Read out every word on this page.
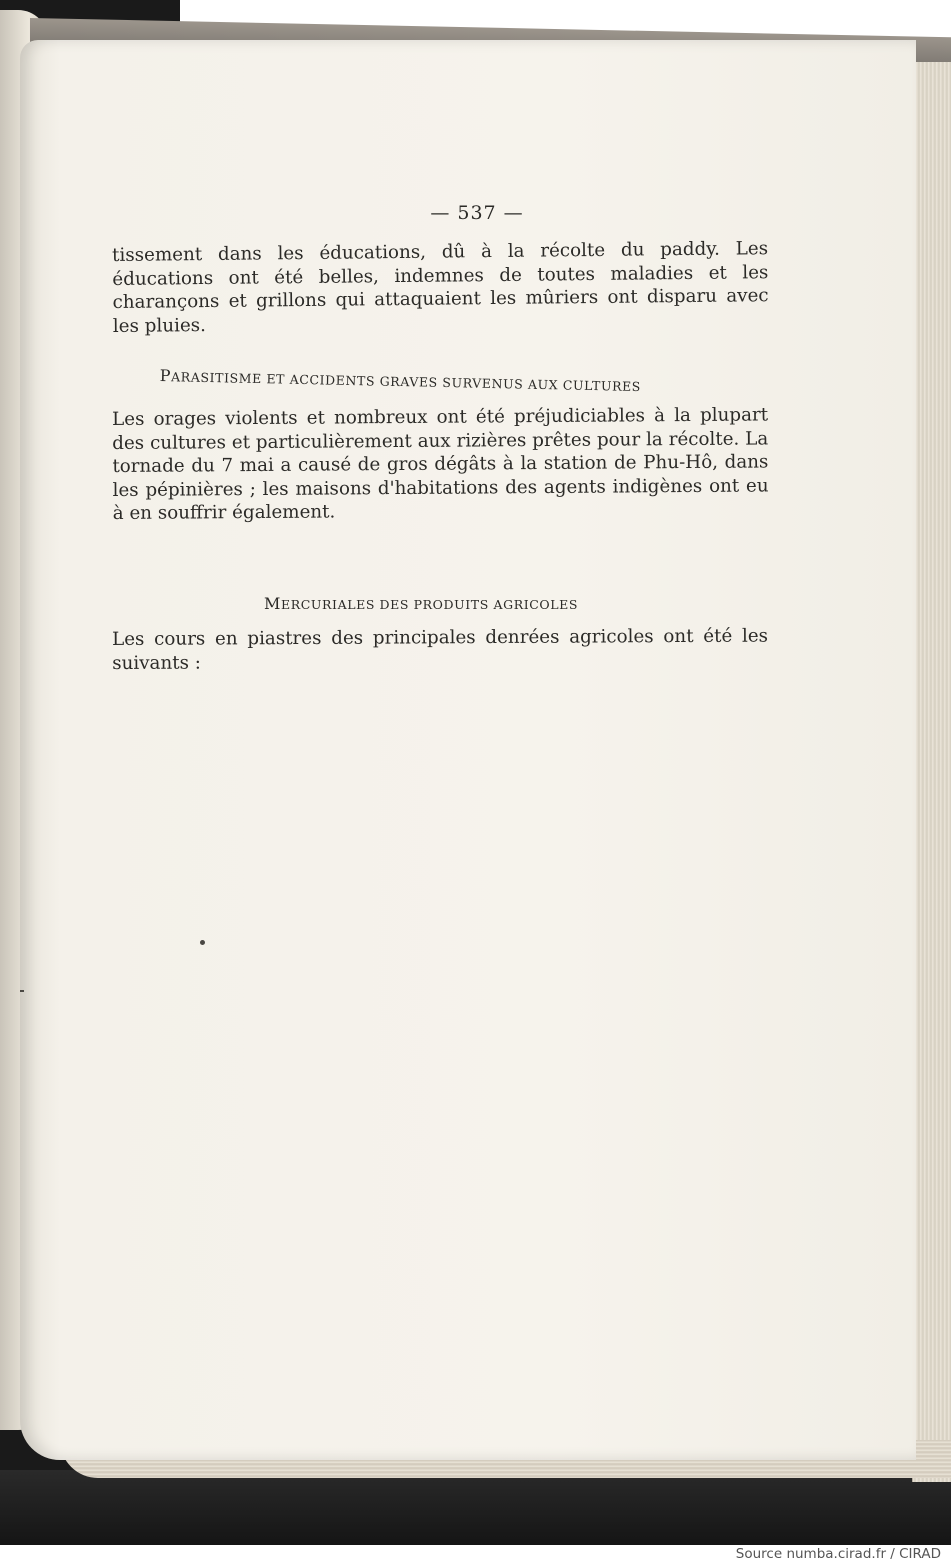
— 537 —
tissement dans les éducations, dû à la récolte du paddy. Les éducations ont été belles, indemnes de toutes maladies et les charançons et grillons qui attaquaient les mûriers ont disparu avec les pluies.
PARASITISME ET ACCIDENTS GRAVES SURVENUS AUX CULTURES
Les orages violents et nombreux ont été préjudiciables à la plupart des cultures et particulièrement aux rizières prêtes pour la récolte. La tornade du 7 mai a causé de gros dégâts à la station de Phu-Hô, dans les pépinières ; les maisons d'habitations des agents indigènes ont eu à en souffrir également.
MERCURIALES DES PRODUITS AGRICOLES
Les cours en piastres des principales denrées agricoles ont été les suivants :
Source numba.cirad.fr / CIRAD
